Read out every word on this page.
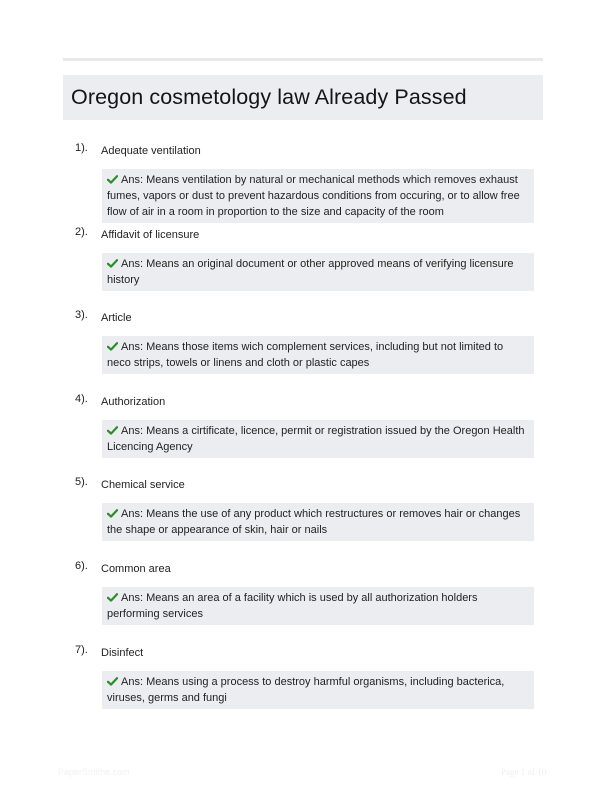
Oregon cosmetology law Already Passed
1). Adequate ventilation
Ans: Means ventilation by natural or mechanical methods which removes exhaust fumes, vapors or dust to prevent hazardous conditions from occuring, or to allow free flow of air in a room in proportion to the size and capacity of the room
2). Affidavit of licensure
Ans: Means an original document or other approved means of verifying licensure history
3). Article
Ans: Means those items wich complement services, including but not limited to neco strips, towels or linens and cloth or plastic capes
4). Authorization
Ans: Means a cirtificate, licence, permit or registration issued by the Oregon Health Licencing Agency
5). Chemical service
Ans: Means the use of any product which restructures or removes hair or changes the shape or appearance of skin, hair or nails
6). Common area
Ans: Means an area of a facility which is used by all authorization holders performing services
7). Disinfect
Ans: Means using a process to destroy harmful organisms, including bacterica, viruses, germs and fungi
PaperSmithe.com	Page 1 of 10
